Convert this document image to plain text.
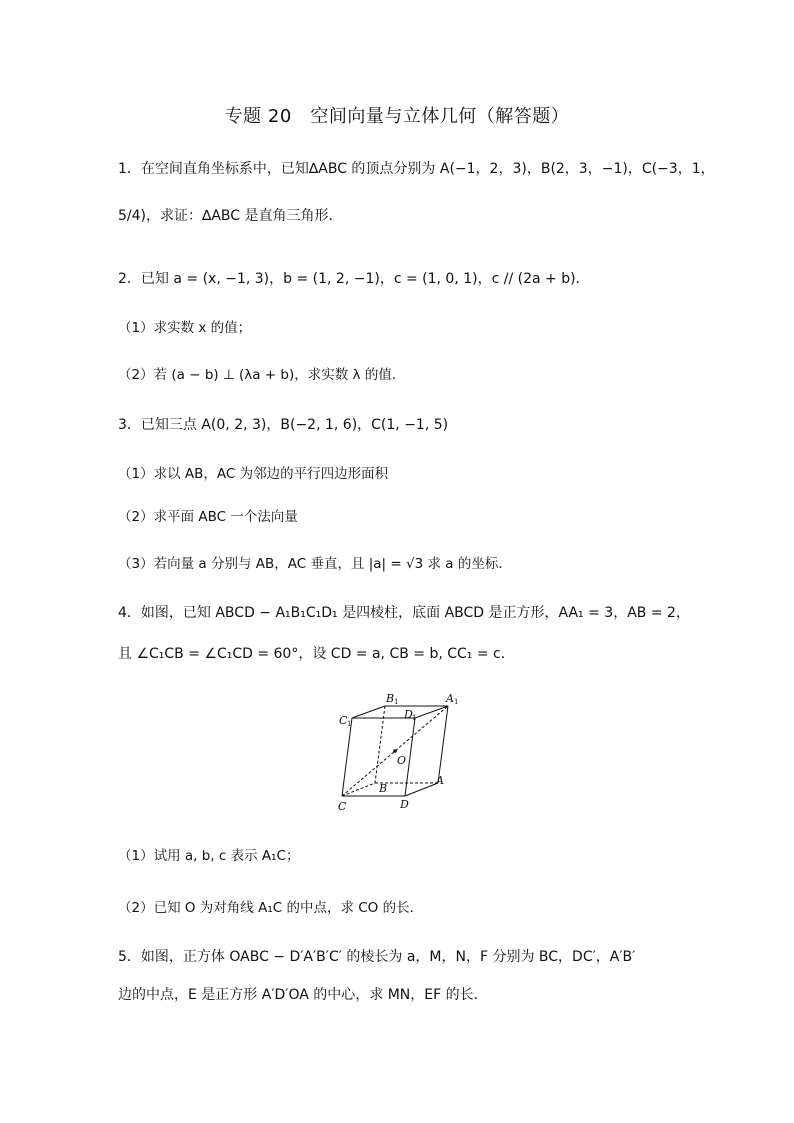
专题 20　空间向量与立体几何（解答题）
1．在空间直角坐标系中，已知∆ABC 的顶点分别为 A(−1，2，3)，B(2，3，−1)，C(−3，1，
5/4)，求证：∆ABC 是直角三角形．
2．已知 a = (x, −1, 3)，b = (1, 2, −1)，c = (1, 0, 1)，c // (2a + b)．
（1）求实数 x 的值；
（2）若 (a − b) ⊥ (λa + b)，求实数 λ 的值．
3．已知三点 A(0, 2, 3)，B(−2, 1, 6)，C(1, −1, 5)
（1）求以 AB，AC 为邻边的平行四边形面积
（2）求平面 ABC 一个法向量
（3）若向量 a 分别与 AB，AC 垂直，且 |a| = √3 求 a 的坐标．
4．如图，已知 ABCD − A₁B₁C₁D₁ 是四棱柱，底面 ABCD 是正方形，AA₁ = 3，AB = 2，
且 ∠C₁CB = ∠C₁CD = 60°，设 CD = a, CB = b, CC₁ = c．
B 1	A 1
C 1
D 1
O
A
B
C	D
（1）试用 a, b, c 表示 A₁C；
（2）已知 O 为对角线 A₁C 的中点，求 CO 的长．
5．如图，正方体 OABC − D′A′B′C′ 的棱长为 a，M，N，F 分别为 BC，DC′，A′B′
边的中点，E 是正方形 A′D′OA 的中心，求 MN，EF 的长．
